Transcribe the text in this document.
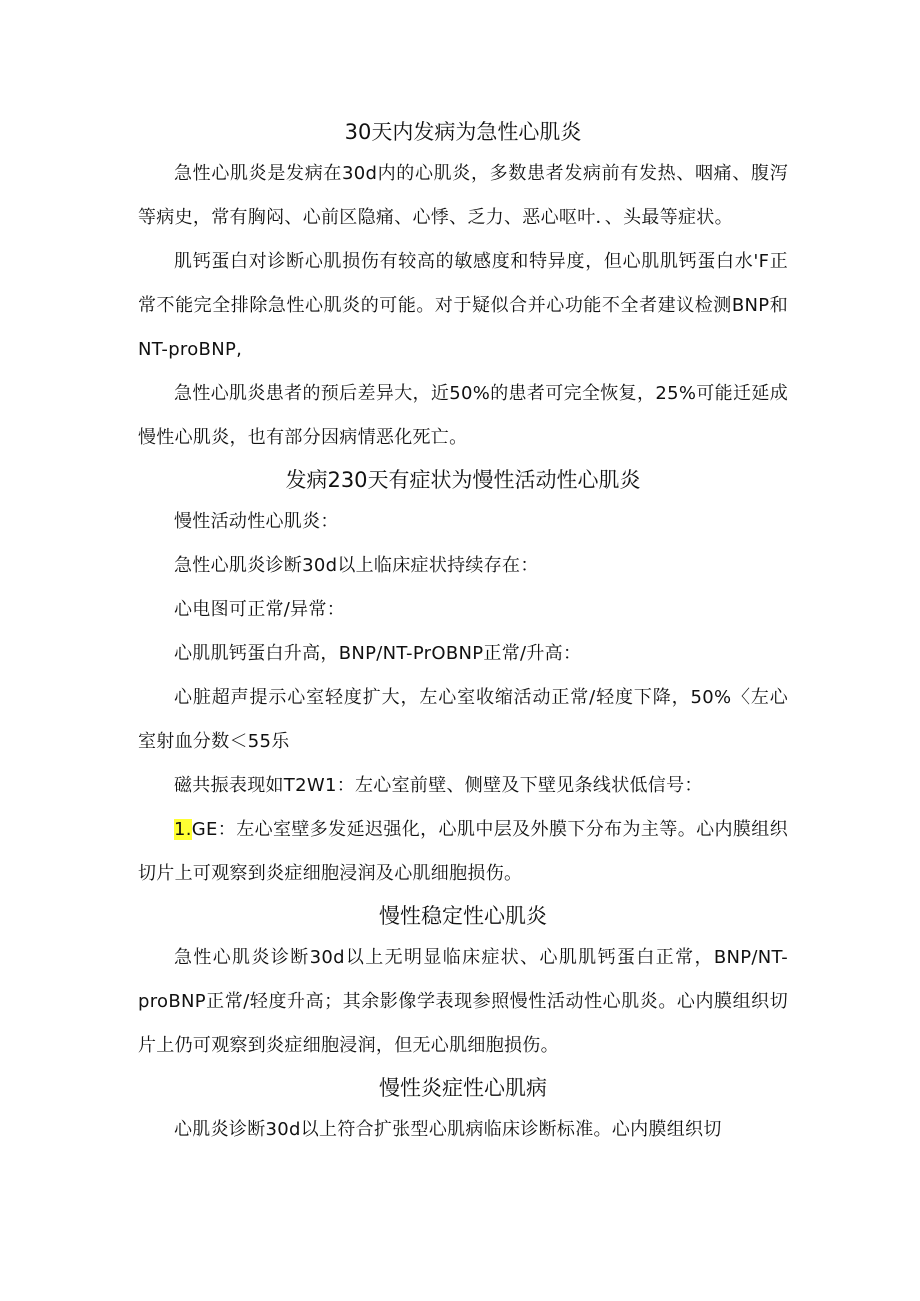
30天内发病为急性心肌炎

急性心肌炎是发病在30d内的心肌炎，多数患者发病前有发热、咽痛、腹泻等病史，常有胸闷、心前区隐痛、心悸、乏力、恶心呕叶．、头最等症状。

肌钙蛋白对诊断心肌损伤有较高的敏感度和特异度，但心肌肌钙蛋白水'F正常不能完全排除急性心肌炎的可能。对于疑似合并心功能不全者建议检测BNP和NT-proBNP,

急性心肌炎患者的预后差异大，近50%的患者可完全恢复，25%可能迁延成慢性心肌炎，也有部分因病情恶化死亡。

发病230天有症状为慢性活动性心肌炎

慢性活动性心肌炎：

急性心肌炎诊断30d以上临床症状持续存在：

心电图可正常/异常：

心肌肌钙蛋白升高，BNP/NT-PrOBNP正常/升高：

心脏超声提示心室轻度扩大，左心室收缩活动正常/轻度下降，50%〈左心室射血分数＜55乐

磁共振表现如T2W1：左心室前壁、侧壁及下壁见条线状低信号：

1.GE：左心室壁多发延迟强化，心肌中层及外膜下分布为主等。心内膜组织切片上可观察到炎症细胞浸润及心肌细胞损伤。

慢性稳定性心肌炎

急性心肌炎诊断30d以上无明显临床症状、心肌肌钙蛋白正常，BNP/NT-proBNP正常/轻度升高；其余影像学表现参照慢性活动性心肌炎。心内膜组织切片上仍可观察到炎症细胞浸润，但无心肌细胞损伤。

慢性炎症性心肌病

心肌炎诊断30d以上符合扩张型心肌病临床诊断标准。心内膜组织切
